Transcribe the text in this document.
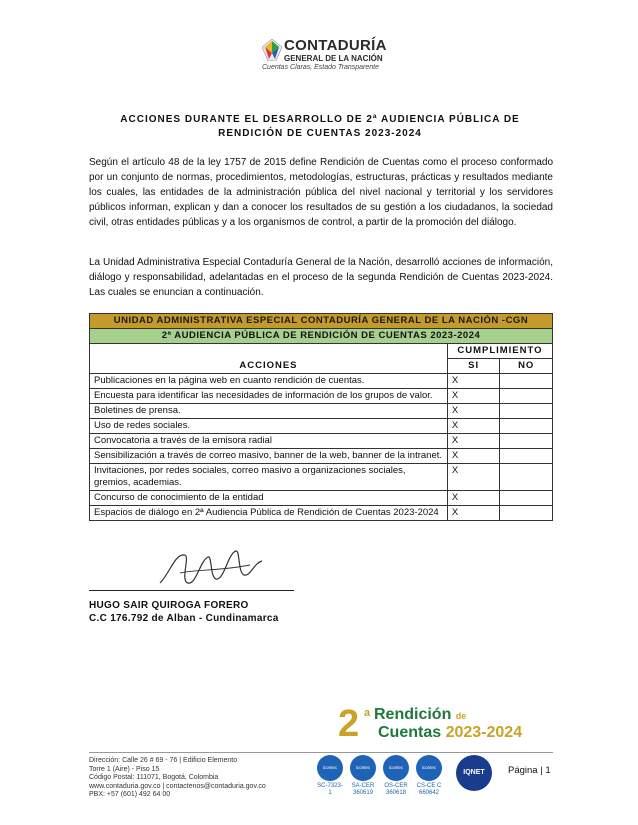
CONTADURÍA
GENERAL DE LA NACIÓN
Cuentas Claras, Estado Transparente
ACCIONES DURANTE EL DESARROLLO DE 2ª AUDIENCIA PÚBLICA DE
RENDICIÓN DE CUENTAS 2023-2024
Según el artículo 48 de la ley 1757 de 2015 define Rendición de Cuentas como el proceso conformado por un conjunto de normas, procedimientos, metodologías, estructuras, prácticas y resultados mediante los cuales, las entidades de la administración pública del nivel nacional y territorial y los servidores públicos informan, explican y dan a conocer los resultados de su gestión a los ciudadanos, la sociedad civil, otras entidades públicas y a los organismos de control, a partir de la promoción del diálogo.
La Unidad Administrativa Especial Contaduría General de la Nación, desarrolló acciones de información, diálogo y responsabilidad, adelantadas en el proceso de la segunda Rendición de Cuentas 2023-2024. Las cuales se enuncian a continuación.
UNIDAD ADMINISTRATIVA ESPECIAL CONTADURÍA GENERAL DE LA NACIÓN -CGN		
2ª AUDIENCIA PÚBLICA DE RENDICIÓN DE CUENTAS 2023-2024		
	CUMPLIMIENTO	
ACCIONES	SI	NO
Publicaciones en la página web en cuanto rendición de cuentas.	X	
Encuesta para identificar las necesidades de información de los grupos de valor.	X	
Boletines de prensa.	X	
Uso de redes sociales.	X	
Convocatoria a través de la emisora radial	X	
Sensibilización a través de correo masivo, banner de la web, banner de la intranet.	X	
Invitaciones, por redes sociales, correo masivo a organizaciones sociales, gremios, academias.	X	
Concurso de conocimiento de la entidad	X	
Espacios de diálogo en 2ª Audiencia Pública de Rendición de Cuentas 2023-2024	X	
HUGO SAIR QUIROGA FORERO
C.C 176.792 de Alban - Cundinamarca
2 a Rendición de
Cuentas 2023-2024
Dirección: Calle 26 # 69 - 76 | Edificio Elemento
Torre 1 (Aire) - Piso 15
Código Postal: 111071, Bogotá, Colombia
www.contaduria.gov.co | contactenos@contaduria.gov.co
PBX: +57 (601) 492 64 00
icontec
SC-7323-1
icontec
SA-CER 360619
icontec
OS-CER 360618
icontec
CS-CE C 660642
IQNET	Página | 1
